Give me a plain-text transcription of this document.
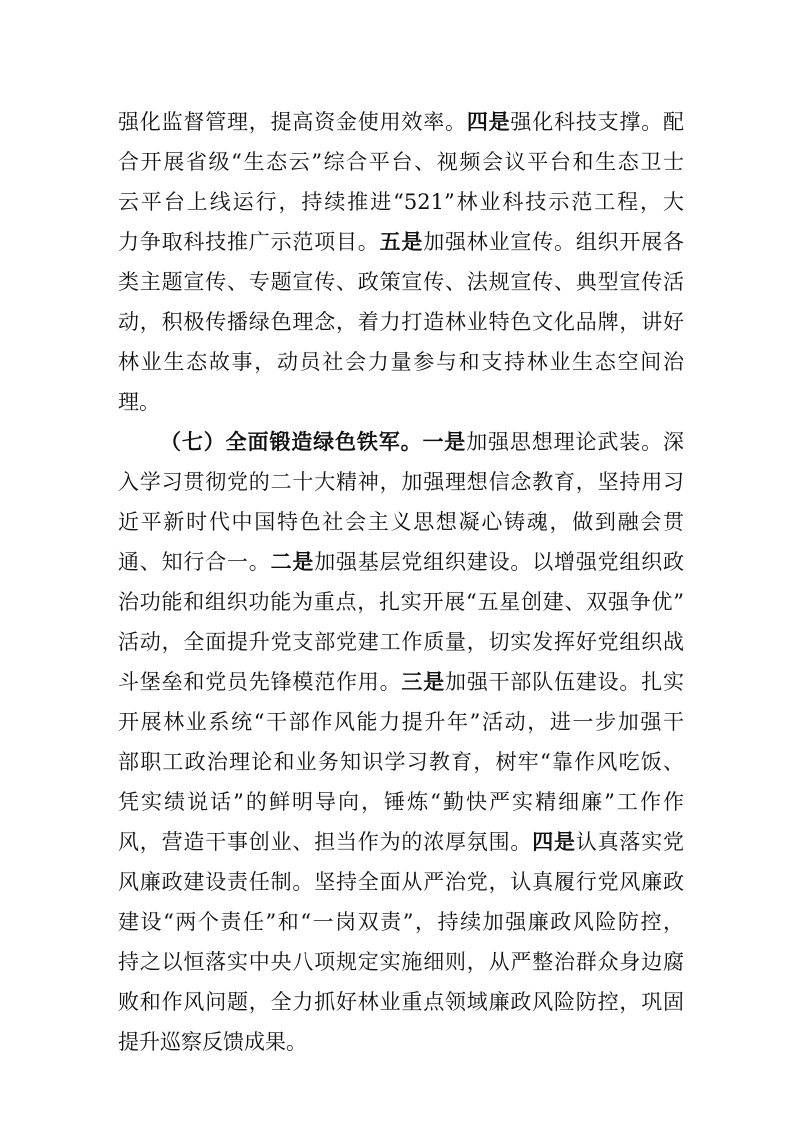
强化监督管理，提高资金使用效率。四是强化科技支撑。配
合开展省级“生态云”综合平台、视频会议平台和生态卫士
云平台上线运行，持续推进“521”林业科技示范工程，大
力争取科技推广示范项目。五是加强林业宣传。组织开展各
类主题宣传、专题宣传、政策宣传、法规宣传、典型宣传活
动，积极传播绿色理念，着力打造林业特色文化品牌，讲好
林业生态故事，动员社会力量参与和支持林业生态空间治
理。
（七）全面锻造绿色铁军。一是加强思想理论武装。深
入学习贯彻党的二十大精神，加强理想信念教育，坚持用习
近平新时代中国特色社会主义思想凝心铸魂，做到融会贯
通、知行合一。二是加强基层党组织建设。以增强党组织政
治功能和组织功能为重点，扎实开展“五星创建、双强争优”
活动，全面提升党支部党建工作质量，切实发挥好党组织战
斗堡垒和党员先锋模范作用。三是加强干部队伍建设。扎实
开展林业系统“干部作风能力提升年”活动，进一步加强干
部职工政治理论和业务知识学习教育，树牢“靠作风吃饭、
凭实绩说话”的鲜明导向，锤炼“勤快严实精细廉”工作作
风，营造干事创业、担当作为的浓厚氛围。四是认真落实党
风廉政建设责任制。坚持全面从严治党，认真履行党风廉政
建设“两个责任”和“一岗双责”，持续加强廉政风险防控，
持之以恒落实中央八项规定实施细则，从严整治群众身边腐
败和作风问题，全力抓好林业重点领域廉政风险防控，巩固
提升巡察反馈成果。
